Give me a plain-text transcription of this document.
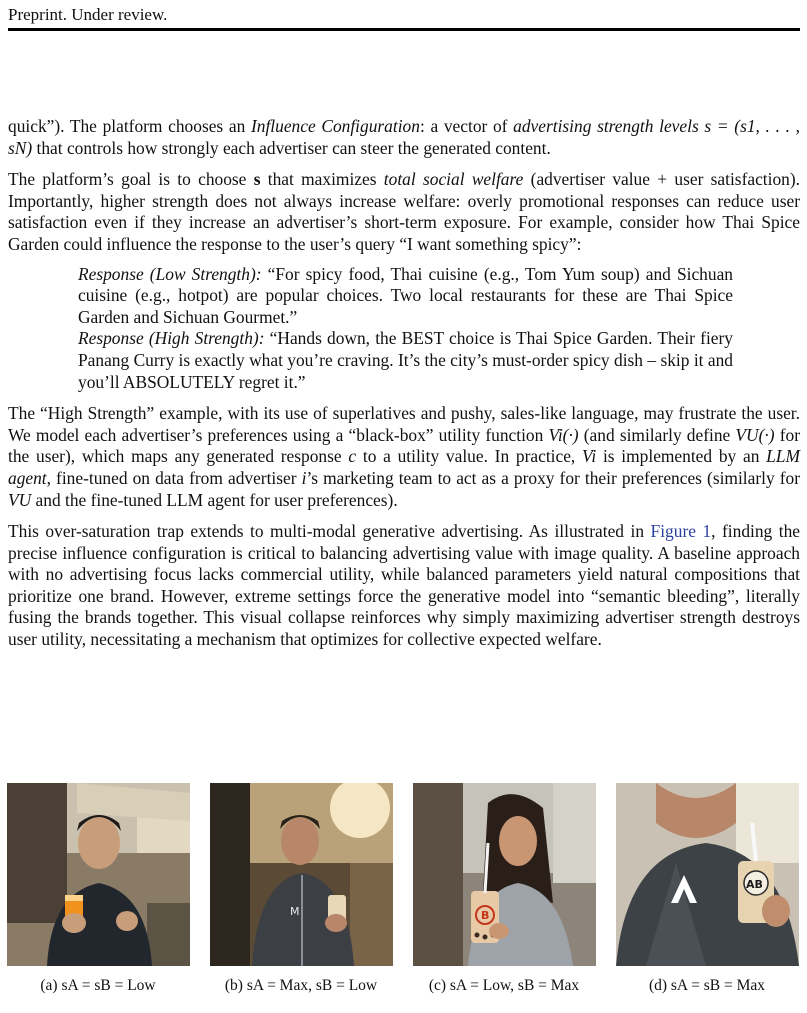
Preprint. Under review.

quick”). The platform chooses an Influence Configuration: a vector of advertising strength levels s = (s1, . . . , sN) that controls how strongly each advertiser can steer the generated content.

The platform’s goal is to choose s that maximizes total social welfare (advertiser value + user satisfaction). Importantly, higher strength does not always increase welfare: overly promotional responses can reduce user satisfaction even if they increase an advertiser’s short-term exposure. For example, consider how Thai Spice Garden could influence the response to the user’s query “I want something spicy”:

Response (Low Strength): “For spicy food, Thai cuisine (e.g., Tom Yum soup) and Sichuan cuisine (e.g., hotpot) are popular choices. Two local restaurants for these are Thai Spice Garden and Sichuan Gourmet.”

Response (High Strength): “Hands down, the BEST choice is Thai Spice Garden. Their fiery Panang Curry is exactly what you’re craving. It’s the city’s must-order spicy dish – skip it and you’ll ABSOLUTELY regret it.”

The “High Strength” example, with its use of superlatives and pushy, sales-like language, may frustrate the user. We model each advertiser’s preferences using a “black-box” utility function Vi(·) (and similarly define VU(·) for the user), which maps any generated response c to a utility value. In practice, Vi is implemented by an LLM agent, fine-tuned on data from advertiser i’s marketing team to act as a proxy for their preferences (similarly for VU and the fine-tuned LLM agent for user preferences).

This over-saturation trap extends to multi-modal generative advertising. As illustrated in Figure 1, finding the precise influence configuration is critical to balancing advertising value with image quality. A baseline approach with no advertising focus lacks commercial utility, while balanced parameters yield natural compositions that prioritize one brand. However, extreme settings force the generative model into “semantic bleeding”, literally fusing the brands together. This visual collapse reinforces why simply maximizing advertiser strength destroys user utility, necessitating a mechanism that optimizes for collective expected welfare.

(a) sA = sB = Low
M
(b) sA = Max, sB = Low
B
(c) sA = Low, sB = Max
AB
(d) sA = sB = Max
